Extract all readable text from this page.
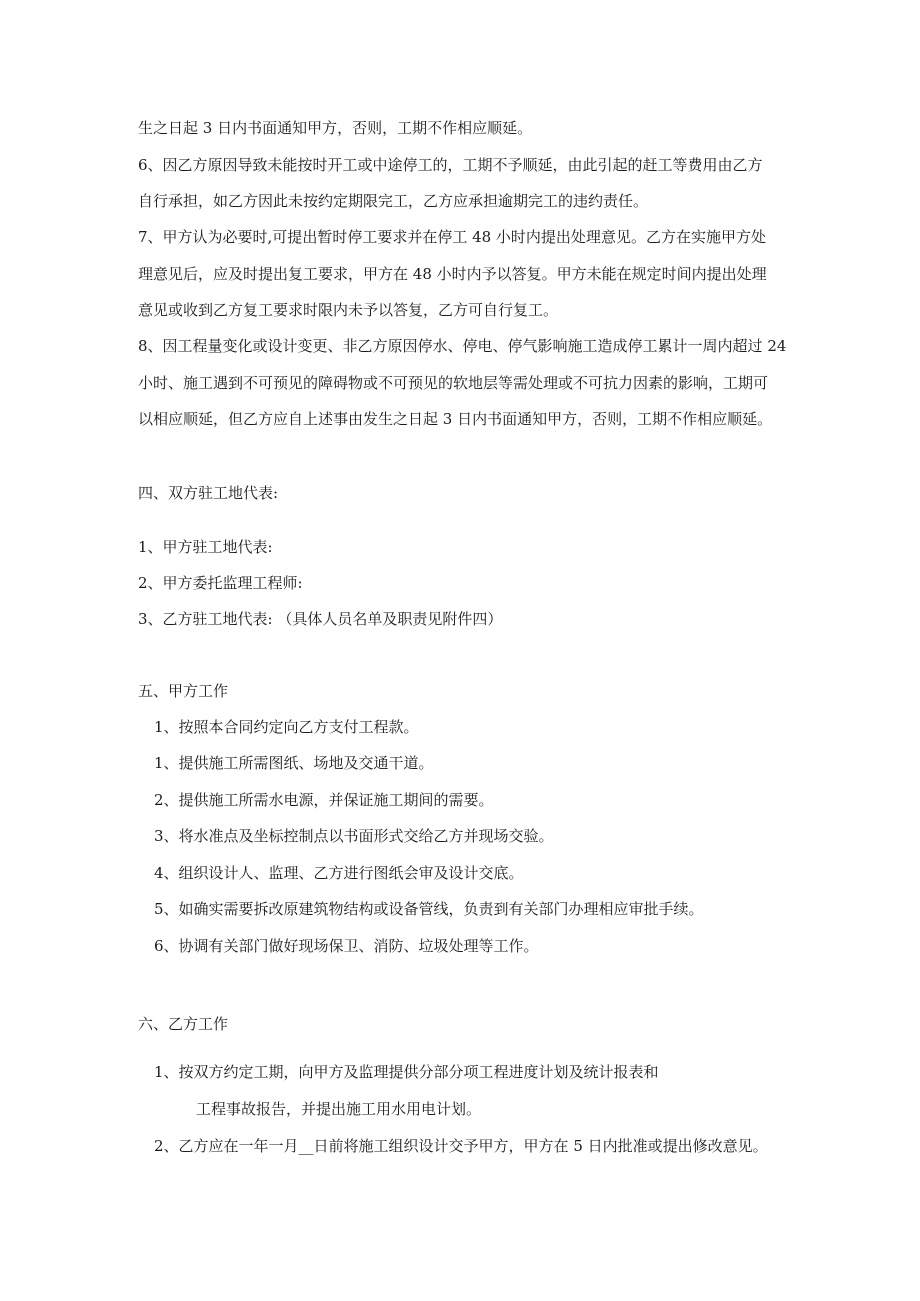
生之日起 3 日内书面通知甲方，否则，工期不作相应顺延。
6、因乙方原因导致未能按时开工或中途停工的，工期不予顺延，由此引起的赶工等费用由乙方
自行承担，如乙方因此未按约定期限完工，乙方应承担逾期完工的违约责任。
7、甲方认为必要时,可提出暂时停工要求并在停工 48 小时内提出处理意见。乙方在实施甲方处
理意见后，应及时提出复工要求，甲方在 48 小时内予以答复。甲方未能在规定时间内提出处理
意见或收到乙方复工要求时限内未予以答复，乙方可自行复工。
8、因工程量变化或设计变更、非乙方原因停水、停电、停气影响施工造成停工累计一周内超过 24
小时、施工遇到不可预见的障碍物或不可预见的软地层等需处理或不可抗力因素的影响，工期可
以相应顺延，但乙方应自上述事由发生之日起 3 日内书面通知甲方，否则，工期不作相应顺延。
四、双方驻工地代表:
1、甲方驻工地代表:
2、甲方委托监理工程师:
3、乙方驻工地代表: （具体人员名单及职责见附件四）
五、甲方工作
1、按照本合同约定向乙方支付工程款。
1、提供施工所需图纸、场地及交通干道。
2、提供施工所需水电源，并保证施工期间的需要。
3、将水准点及坐标控制点以书面形式交给乙方并现场交验。
4、组织设计人、监理、乙方进行图纸会审及设计交底。
5、如确实需要拆改原建筑物结构或设备管线，负责到有关部门办理相应审批手续。
6、协调有关部门做好现场保卫、消防、垃圾处理等工作。
六、乙方工作
1、按双方约定工期，向甲方及监理提供分部分项工程进度计划及统计报表和
工程事故报告，并提出施工用水用电计划。
2、乙方应在一年一月__日前将施工组织设计交予甲方，甲方在 5 日内批准或提出修改意见。
